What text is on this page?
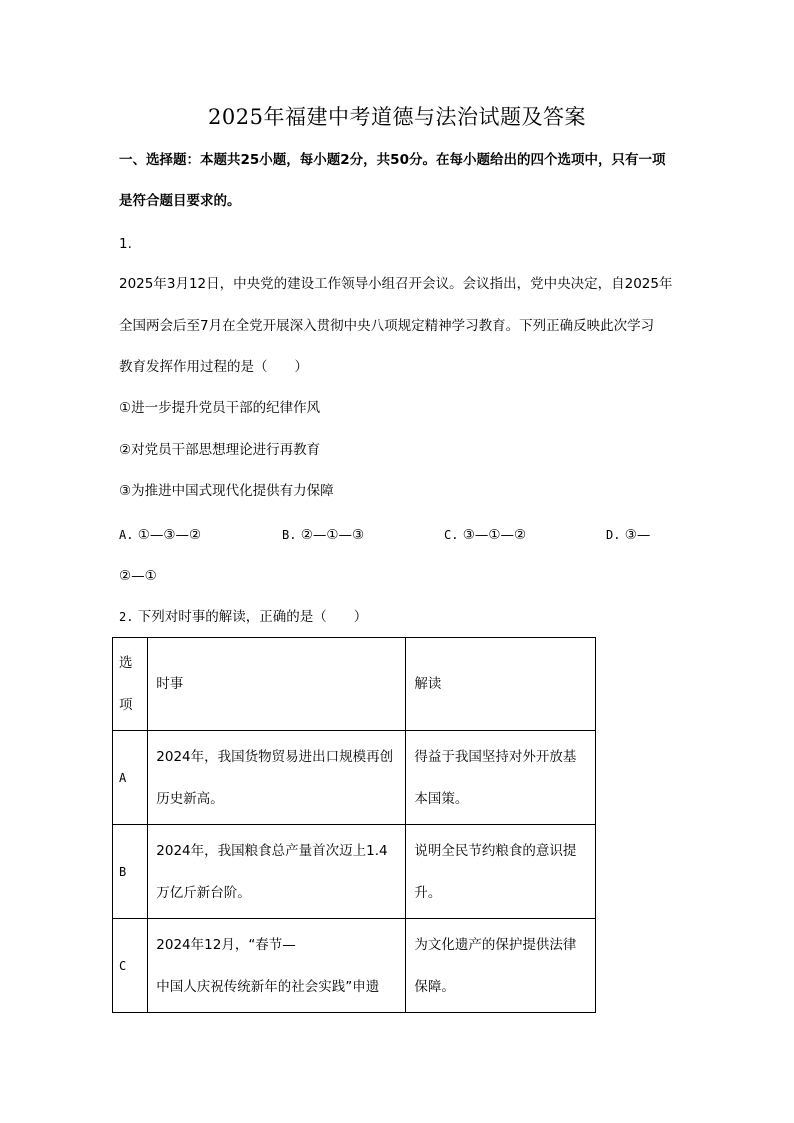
2025年福建中考道德与法治试题及答案
一、选择题：本题共25小题，每小题2分，共50分。在每小题给出的四个选项中，只有一项
是符合题目要求的。
1.
2025年3月12日，中央党的建设工作领导小组召开会议。会议指出，党中央决定，自2025年
全国两会后至7月在全党开展深入贯彻中央八项规定精神学习教育。下列正确反映此次学习
教育发挥作用过程的是（　　）
①进一步提升党员干部的纪律作风
②对党员干部思想理论进行再教育
③为推进中国式现代化提供有力保障
A. ①—③—②	B. ②—①—③	C. ③—①—②	D. ③—
②—①
2. 下列对时事的解读，正确的是（　　）
选
项	时事	解读
A	2024年，我国货物贸易进出口规模再创
历史新高。	得益于我国坚持对外开放基
本国策。

B	2024年，我国粮食总产量首次迈上1.4
万亿斤新台阶。	说明全民节约粮食的意识提
升。

C	2024年12月，“春节—
中国人庆祝传统新年的社会实践”申遗	为文化遗产的保护提供法律
保障。
